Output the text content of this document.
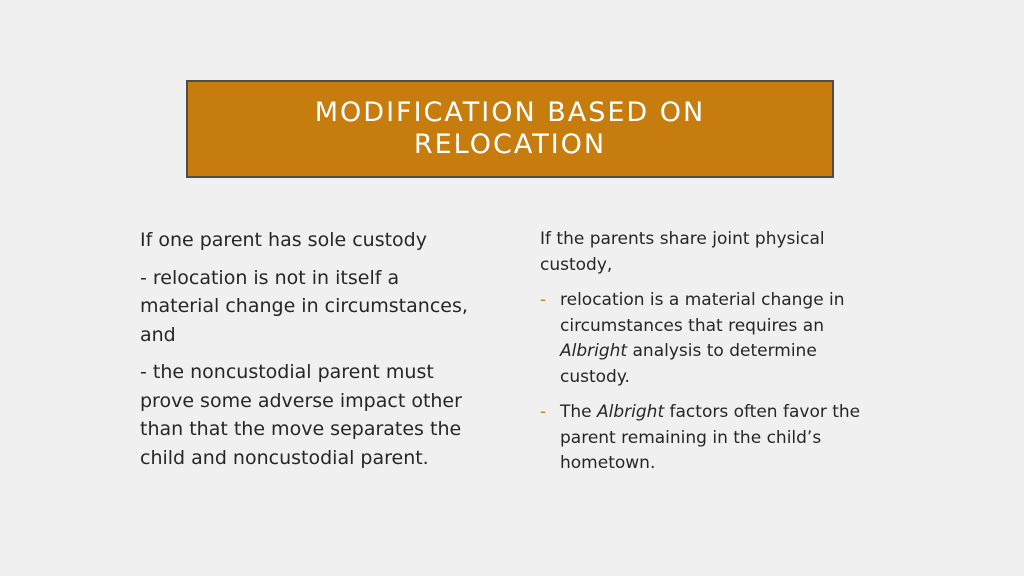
MODIFICATION BASED ON
RELOCATION

If one parent has sole custody

- relocation is not in itself a material change in circumstances, and

- the noncustodial parent must prove some adverse impact other than that the move separates the child and noncustodial parent.

If the parents share joint physical custody,

- relocation is a material change in circumstances that requires an Albright analysis to determine custody.
- The Albright factors often favor the parent remaining in the child’s hometown.
